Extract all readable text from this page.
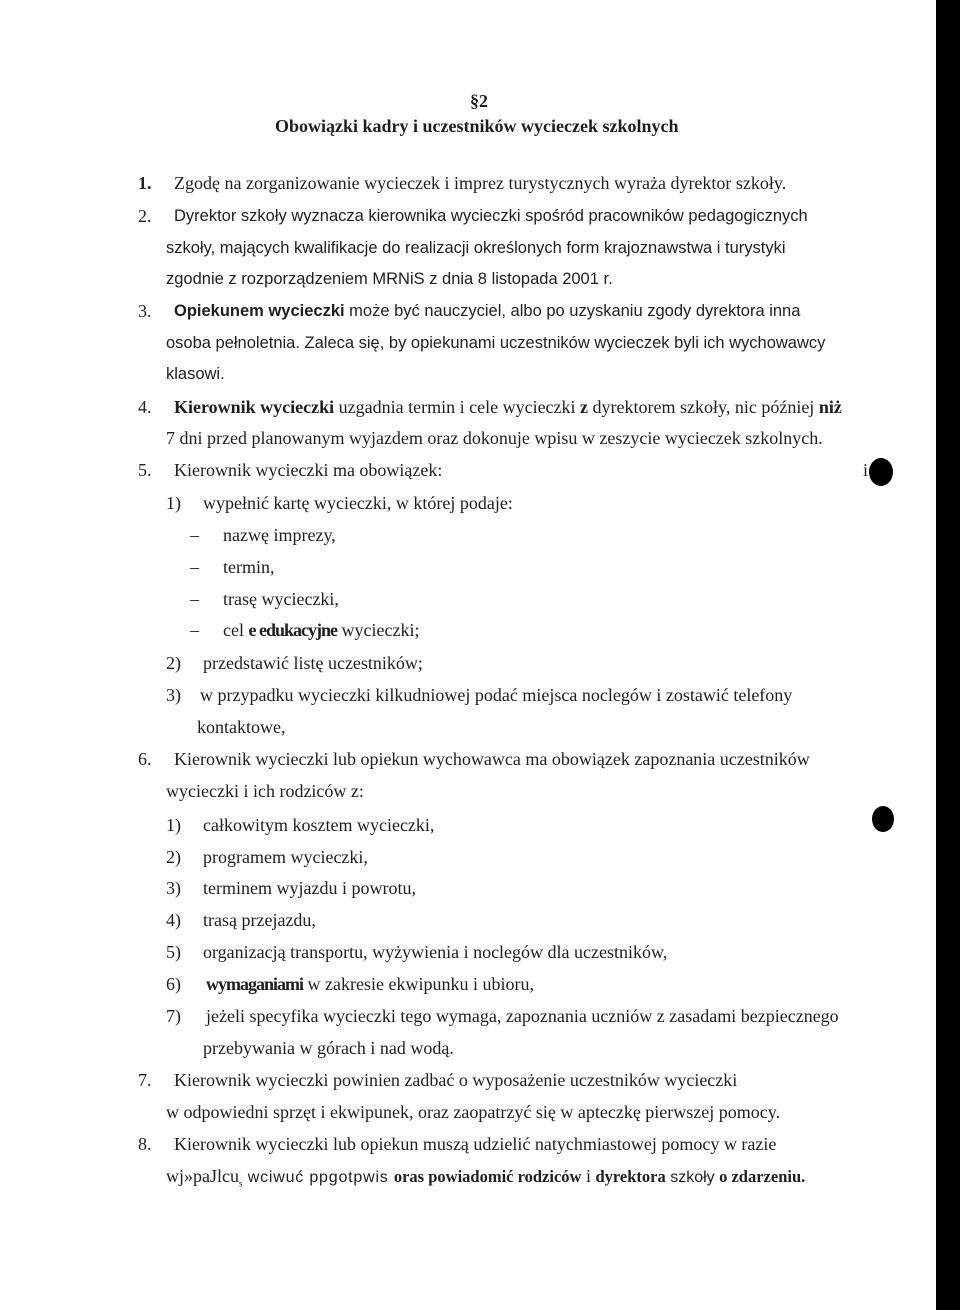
§2
Obowiązki kadry i uczestników wycieczek szkolnych
1. Zgodę na zorganizowanie wycieczek i imprez turystycznych wyraża dyrektor szkoły.
2. Dyrektor szkoły wyznacza kierownika wycieczki spośród pracowników pedagogicznych
szkoły, mających kwalifikacje do realizacji określonych form krajoznawstwa i turystyki
zgodnie z rozporządzeniem MRNiS z dnia 8 listopada 2001 r.
3. Opiekunem wycieczki może być nauczyciel, albo po uzyskaniu zgody dyrektora inna
osoba pełnoletnia. Zaleca się, by opiekunami uczestników wycieczek byli ich wychowawcy
klasowi.
4. Kierownik wycieczki uzgadnia termin i cele wycieczki z dyrektorem szkoły, nic później niż
7 dni przed planowanym wyjazdem oraz dokonuje wpisu w zeszycie wycieczek szkolnych.
5. Kierownik wycieczki ma obowiązek:	i
1) wypełnić kartę wycieczki, w której podaje:
– nazwę imprezy,
– termin,
– trasę wycieczki,
– cel e edukacyjne wycieczki;
2) przedstawić listę uczestników;
3) w przypadku wycieczki kilkudniowej podać miejsca noclegów i zostawić telefony
kontaktowe,
6. Kierownik wycieczki lub opiekun wychowawca ma obowiązek zapoznania uczestników
wycieczki i ich rodziców z:
1) całkowitym kosztem wycieczki,
2) programem wycieczki,
3) terminem wyjazdu i powrotu,
4) trasą przejazdu,
5) organizacją transportu, wyżywienia i noclegów dla uczestników,
6) wymaganiami w zakresie ekwipunku i ubioru,
7) jeżeli specyfika wycieczki tego wymaga, zapoznania uczniów z zasadami bezpiecznego
przebywania w górach i nad wodą.
7. Kierownik wycieczki powinien zadbać o wyposażenie uczestników wycieczki
w odpowiedni sprzęt i ekwipunek, oraz zaopatrzyć się w apteczkę pierwszej pomocy.
8. Kierownik wycieczki lub opiekun muszą udzielić natychmiastowej pomocy w razie
wj»paJlcu$_s$ wciwuć ppgotpwis oras powiadomić rodziców i dyrektora szkoły o zdarzeniu.
